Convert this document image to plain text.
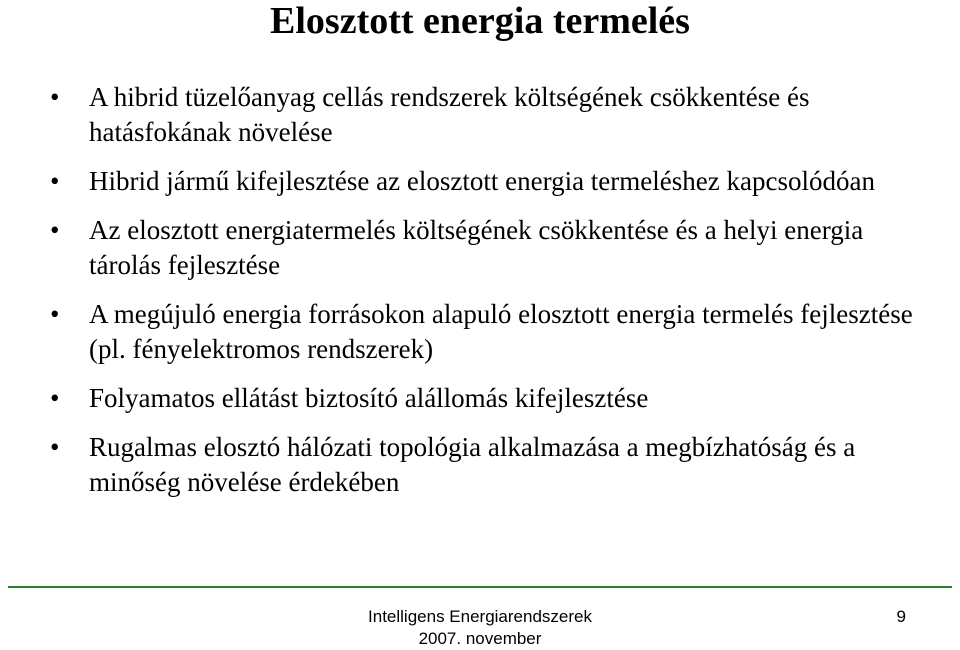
Elosztott energia termelés
• A hibrid tüzelőanyag cellás rendszerek költségének csökkentése és hatásfokának növelése
• Hibrid jármű kifejlesztése az elosztott energia termeléshez kapcsolódóan
• Az elosztott energiatermelés költségének csökkentése és a helyi energia tárolás fejlesztése
• A megújuló energia forrásokon alapuló elosztott energia termelés fejlesztése (pl. fényelektromos rendszerek)
• Folyamatos ellátást biztosító alállomás kifejlesztése
• Rugalmas elosztó hálózati topológia alkalmazása a megbízhatóság és a minőség növelése érdekében
Intelligens Energiarendszerek
2007. november
9
